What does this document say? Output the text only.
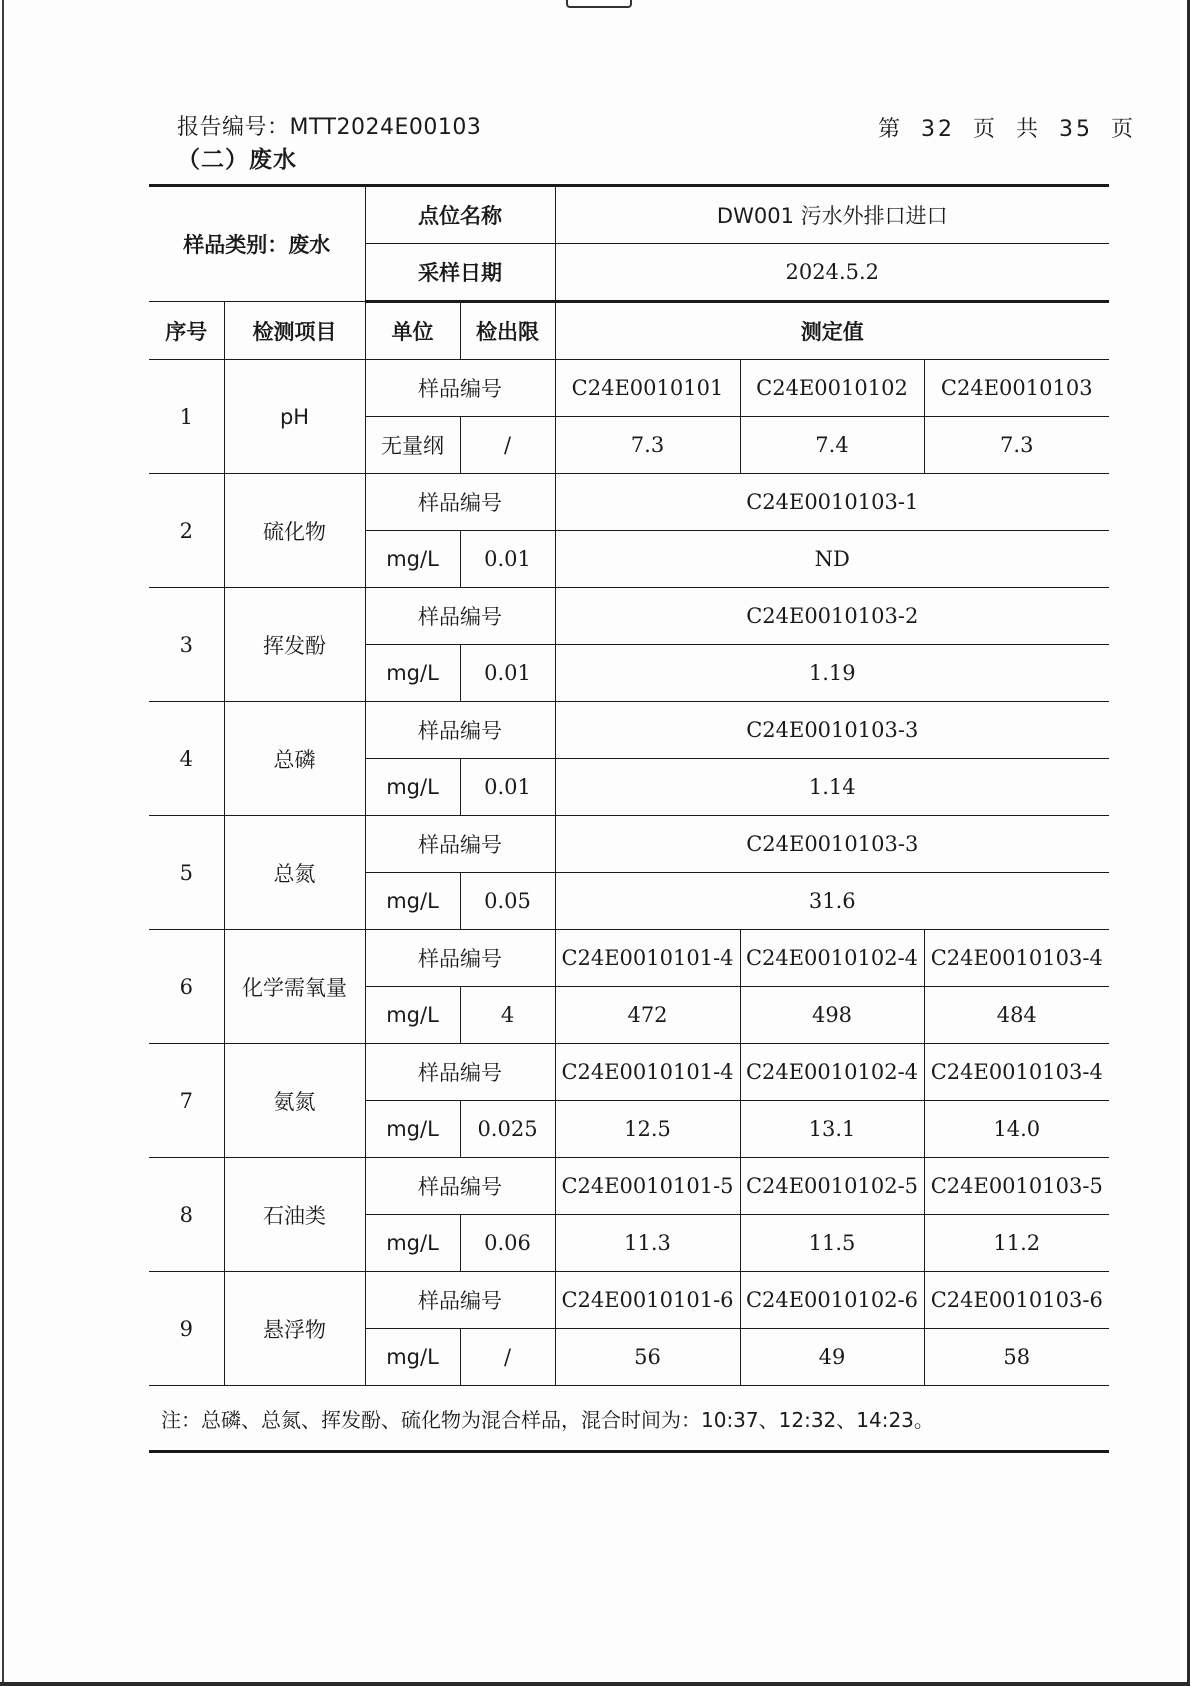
报告编号：MTT2024E00103	第 32 页 共 35 页
（二）废水
样品类别：废水		点位名称		DW001 污水外排口进口		
		采样日期		2024.5.2		
序号	检测项目	单位	检出限	测定值		
1	pH	样品编号		C24E0010101	C24E0010102	C24E0010103
		无量纲	/	7.3	7.4	7.3
2	硫化物	样品编号		C24E0010103-1		
		mg/L	0.01	ND		
3	挥发酚	样品编号		C24E0010103-2		
		mg/L	0.01	1.19		
4	总磷	样品编号		C24E0010103-3		
		mg/L	0.01	1.14		
5	总氮	样品编号		C24E0010103-3		
		mg/L	0.05	31.6		
6	化学需氧量	样品编号		C24E0010101-4	C24E0010102-4	C24E0010103-4
		mg/L	4	472	498	484
7	氨氮	样品编号		C24E0010101-4	C24E0010102-4	C24E0010103-4
		mg/L	0.025	12.5	13.1	14.0
8	石油类	样品编号		C24E0010101-5	C24E0010102-5	C24E0010103-5
		mg/L	0.06	11.3	11.5	11.2
9	悬浮物	样品编号		C24E0010101-6	C24E0010102-6	C24E0010103-6
		mg/L	/	56	49	58
注：总磷、总氮、挥发酚、硫化物为混合样品，混合时间为：10:37、12:32、14:23。						
